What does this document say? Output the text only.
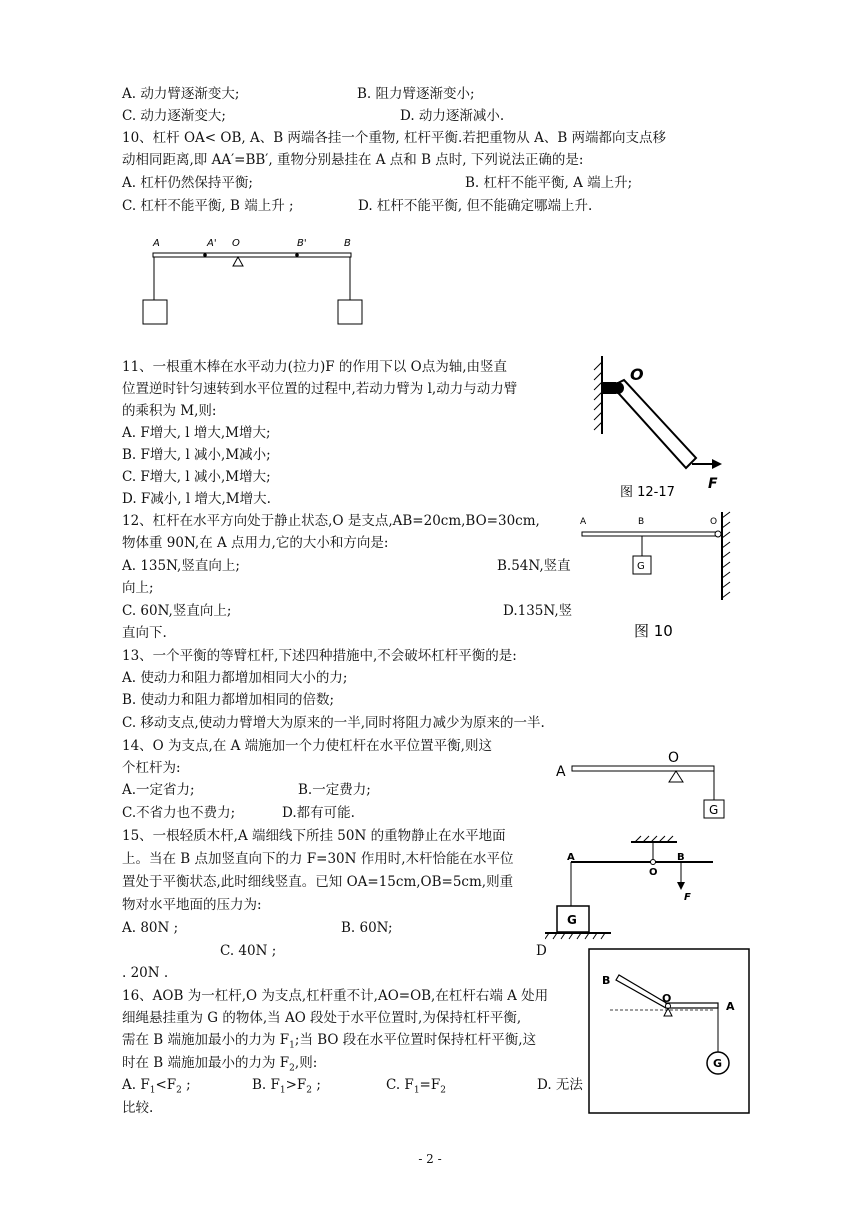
A. 动力臂逐渐变大;	B. 阻力臂逐渐变小;
C. 动力逐渐变大;	D. 动力逐渐减小.
10、杠杆 OA< OB, A、B 两端各挂一个重物, 杠杆平衡.若把重物从 A、B 两端都向支点移
动相同距离,即 AA′=BB′, 重物分别悬挂在 A 点和 B 点时, 下列说法正确的是:
A. 杠杆仍然保持平衡;	B. 杠杆不能平衡, A 端上升;
C. 杠杆不能平衡, B 端上升 ;	D. 杠杆不能平衡, 但不能确定哪端上升.
A	A' O	B'	B
11、一根重木棒在水平动力(拉力)F 的作用下以 O点为轴,由竖直
位置逆时针匀速转到水平位置的过程中,若动力臂为 l,动力与动力臂
的乘积为 M,则:
A. F增大, l 增大,M增大;
B. F增大, l 减小,M减小;
C. F增大, l 减小,M增大;
D. F减小, l 增大,M增大.
O
F
图 12-17
12、杠杆在水平方向处于静止状态,O 是支点,AB=20cm,BO=30cm,
物体重 90N,在 A 点用力,它的大小和方向是:
A. 135N,竖直向上;	B.54N,竖直
向上;
C. 60N,竖直向上;	D.135N,竖
直向下.
A	B	O
G
图 10
13、一个平衡的等臂杠杆,下述四种措施中,不会破坏杠杆平衡的是:
A. 使动力和阻力都增加相同大小的力;
B. 使动力和阻力都增加相同的倍数;
C. 移动支点,使动力臂增大为原来的一半,同时将阻力减少为原来的一半.
14、O 为支点,在 A 端施加一个力使杠杆在水平位置平衡,则这
个杠杆为:
A.一定省力;	B.一定费力;
C.不省力也不费力;	D.都有可能.
A
O
G
15、一根轻质木杆,A 端细线下所挂 50N 的重物静止在水平地面
上。当在 B 点加竖直向下的力 F=30N 作用时,木杆恰能在水平位
置处于平衡状态,此时细线竖直。已知 OA=15cm,OB=5cm,则重
物对水平地面的压力为:
A. 80N ;	B. 60N;
C. 40N ;	D
. 20N .
A	B
O
F
G
16、AOB 为一杠杆,O 为支点,杠杆重不计,AO=OB,在杠杆右端 A 处用
细绳悬挂重为 G 的物体,当 AO 段处于水平位置时,为保持杠杆平衡,
需在 B 端施加最小的力为 $F_1$;当 BO 段在水平位置时保持杠杆平衡,这
时在 B 端施加最小的力为 $F_2$,则:
A. $F_1<F_2$ ;	B. $F_1>F_2$ ;	C. $F_1=F_2$	D. 无法
比较.
B
O
A
G
- 2 -
